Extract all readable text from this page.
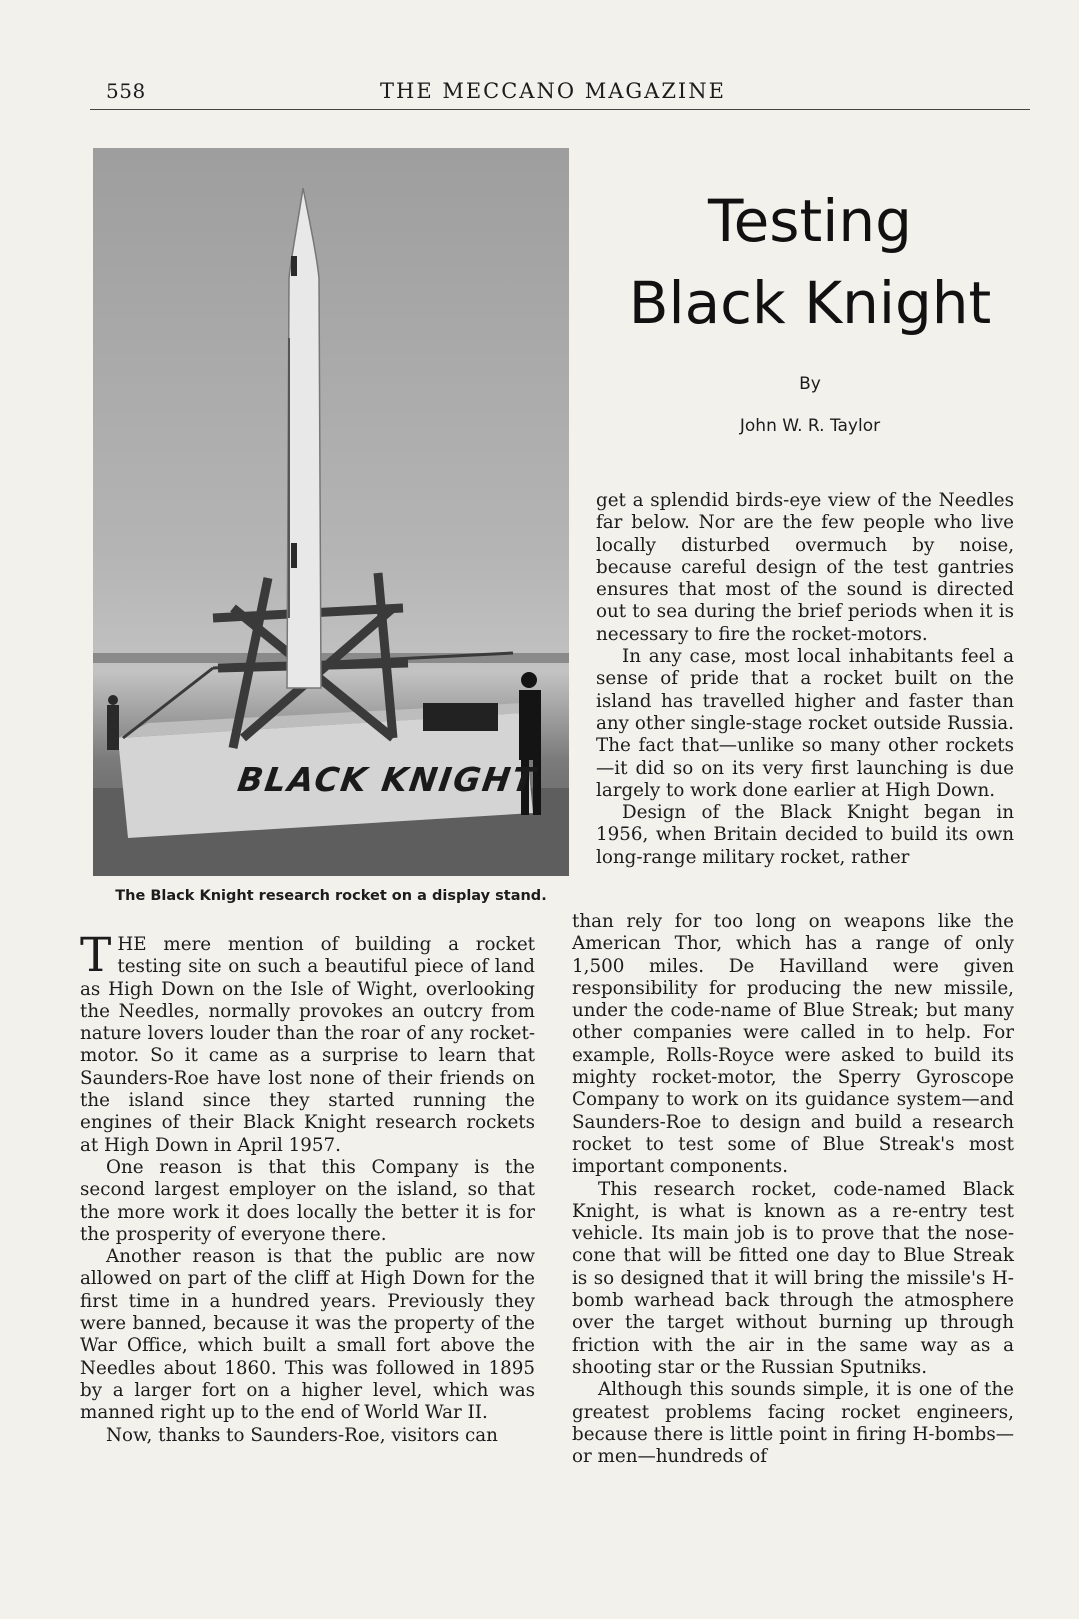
558	THE MECCANO MAGAZINE
BLACK KNIGHT
The Black Knight research rocket on a display stand.
Testing
Black Knight
By
John W. R. Taylor

THE mere mention of building a rocket testing site on such a beautiful piece of land as High Down on the Isle of Wight, overlooking the Needles, normally provokes an outcry from nature lovers louder than the roar of any rocket-motor. So it came as a surprise to learn that Saunders-Roe have lost none of their friends on the island since they started running the engines of their Black Knight research rockets at High Down in April 1957.

One reason is that this Company is the second largest employer on the island, so that the more work it does locally the better it is for the prosperity of everyone there.

Another reason is that the public are now allowed on part of the cliff at High Down for the first time in a hundred years. Previously they were banned, because it was the property of the War Office, which built a small fort above the Needles about 1860. This was followed in 1895 by a larger fort on a higher level, which was manned right up to the end of World War II.

Now, thanks to Saunders-Roe, visitors can

get a splendid birds-eye view of the Needles far below. Nor are the few people who live locally disturbed overmuch by noise, because careful design of the test gantries ensures that most of the sound is directed out to sea during the brief periods when it is necessary to fire the rocket-motors.

In any case, most local inhabitants feel a sense of pride that a rocket built on the island has travelled higher and faster than any other single-stage rocket outside Russia. The fact that—unlike so many other rockets—it did so on its very first launching is due largely to work done earlier at High Down.

Design of the Black Knight began in 1956, when Britain decided to build its own long-range military rocket, rather

than rely for too long on weapons like the American Thor, which has a range of only 1,500 miles. De Havilland were given responsibility for producing the new missile, under the code-name of Blue Streak; but many other companies were called in to help. For example, Rolls-Royce were asked to build its mighty rocket-motor, the Sperry Gyroscope Company to work on its guidance system—and Saunders-Roe to design and build a research rocket to test some of Blue Streak's most important components.

This research rocket, code-named Black Knight, is what is known as a re-entry test vehicle. Its main job is to prove that the nose-cone that will be fitted one day to Blue Streak is so designed that it will bring the missile's H-bomb warhead back through the atmosphere over the target without burning up through friction with the air in the same way as a shooting star or the Russian Sputniks.

Although this sounds simple, it is one of the greatest problems facing rocket engineers, because there is little point in firing H-bombs—or men—hundreds of
